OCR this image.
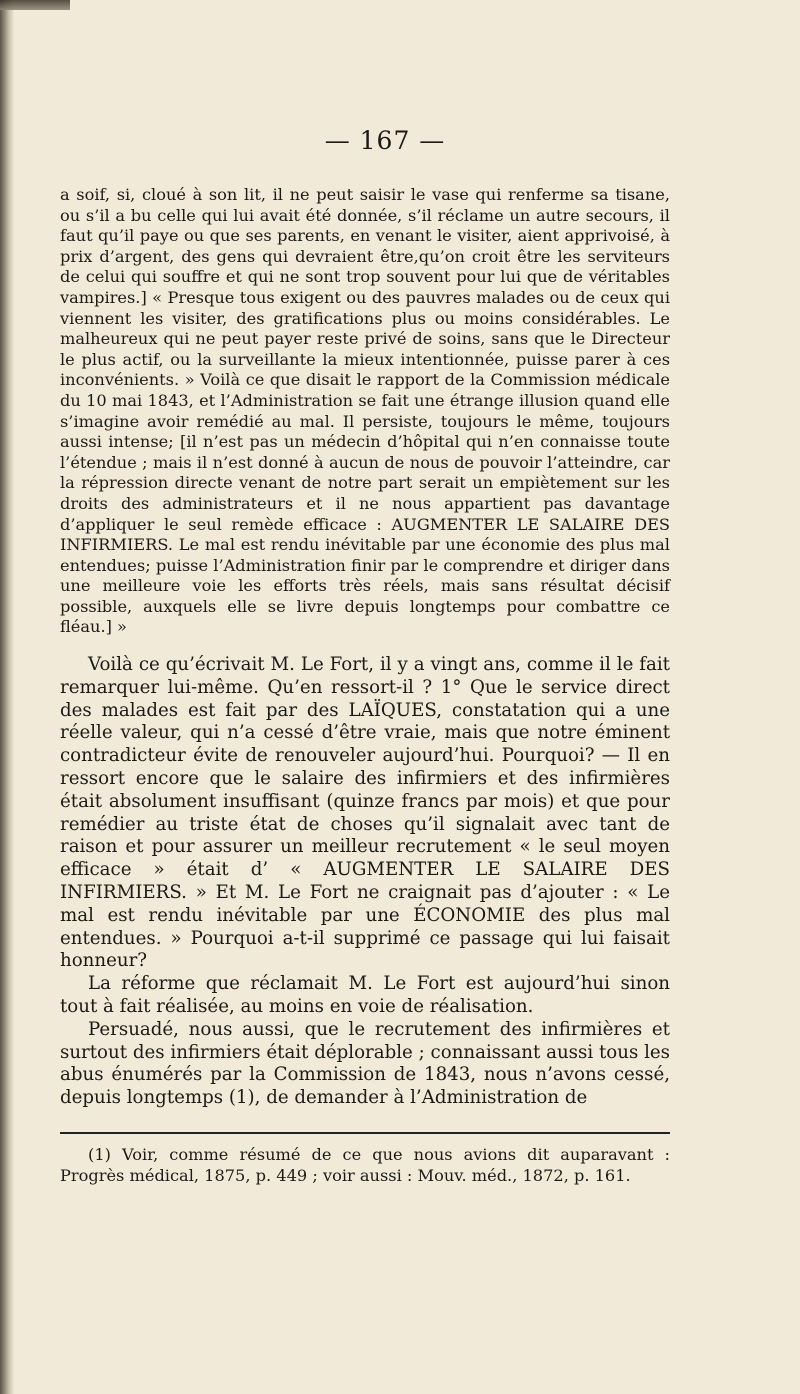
— 167 —

a soif, si, cloué à son lit, il ne peut saisir le vase qui renferme sa tisane, ou s’il a bu celle qui lui avait été donnée, s’il réclame un autre secours, il faut qu’il paye ou que ses parents, en venant le visiter, aient apprivoisé, à prix d’argent, des gens qui devraient être,qu’on croit être les serviteurs de celui qui souffre et qui ne sont trop souvent pour lui que de véritables vampires.] « Presque tous exigent ou des pauvres malades ou de ceux qui viennent les visiter, des gratifications plus ou moins considérables. Le malheureux qui ne peut payer reste privé de soins, sans que le Directeur le plus actif, ou la surveillante la mieux intentionnée, puisse parer à ces inconvénients. » Voilà ce que disait le rapport de la Commission médicale du 10 mai 1843, et l’Administration se fait une étrange illusion quand elle s’imagine avoir remédié au mal. Il persiste, toujours le même, toujours aussi intense; [il n’est pas un médecin d’hôpital qui n’en connaisse toute l’étendue ; mais il n’est donné à aucun de nous de pouvoir l’atteindre, car la répression directe venant de notre part serait un empiètement sur les droits des administrateurs et il ne nous appartient pas davantage d’appliquer le seul remède efficace : AUGMENTER LE SALAIRE DES INFIRMIERS. Le mal est rendu inévitable par une économie des plus mal entendues; puisse l’Administration finir par le comprendre et diriger dans une meilleure voie les efforts très réels, mais sans résultat décisif possible, auxquels elle se livre depuis longtemps pour combattre ce fléau.] »

Voilà ce qu’écrivait M. Le Fort, il y a vingt ans, comme il le fait remarquer lui-même. Qu’en ressort-il ? 1° Que le service direct des malades est fait par des LAÏQUES, constatation qui a une réelle valeur, qui n’a cessé d’être vraie, mais que notre éminent contradicteur évite de renouveler aujourd’hui. Pourquoi? — Il en ressort encore que le salaire des infirmiers et des infirmières était absolument insuffisant (quinze francs par mois) et que pour remédier au triste état de choses qu’il signalait avec tant de raison et pour assurer un meilleur recrutement « le seul moyen efficace » était d’ « AUGMENTER LE SALAIRE DES INFIRMIERS. » Et M. Le Fort ne craignait pas d’ajouter : « Le mal est rendu inévitable par une ÉCONOMIE des plus mal entendues. » Pourquoi a-t-il supprimé ce passage qui lui faisait honneur?

La réforme que réclamait M. Le Fort est aujourd’hui sinon tout à fait réalisée, au moins en voie de réalisation.

Persuadé, nous aussi, que le recrutement des infirmières et surtout des infirmiers était déplorable ; connaissant aussi tous les abus énumérés par la Commission de 1843, nous n’avons cessé, depuis longtemps (1), de demander à l’Administration de

(1) Voir, comme résumé de ce que nous avions dit auparavant : Progrès médical, 1875, p. 449 ; voir aussi : Mouv. méd., 1872, p. 161.
